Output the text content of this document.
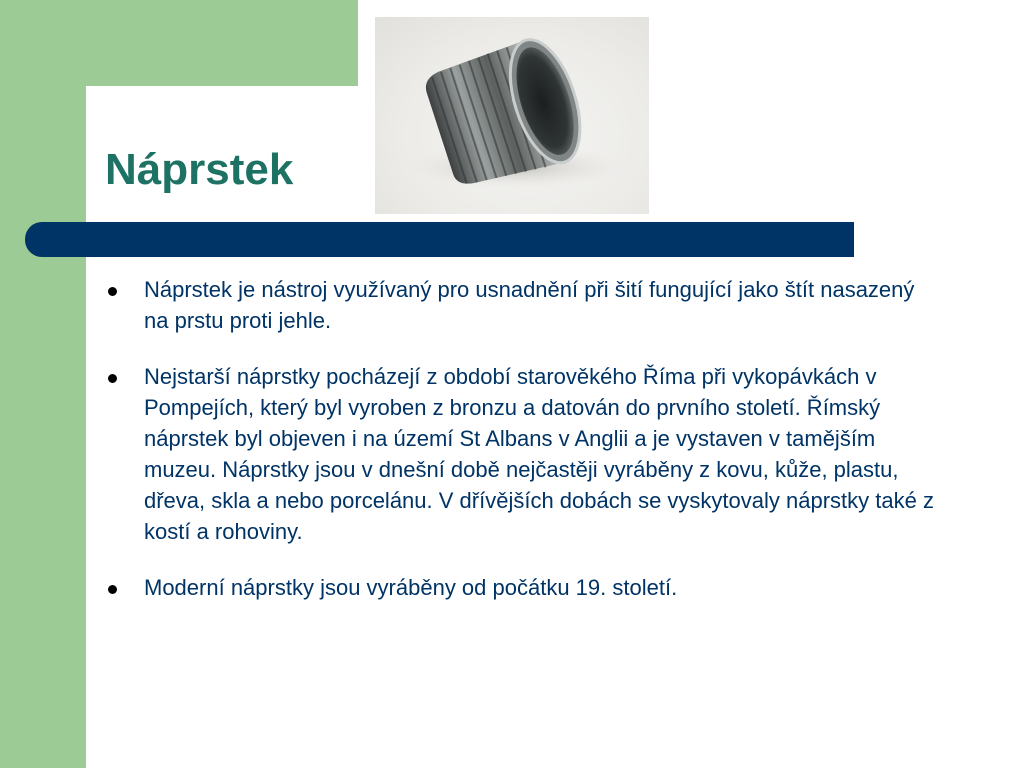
Náprstek
Náprstek je nástroj využívaný pro usnadnění při šití fungující jako štít nasazený na prstu proti jehle.
Nejstarší náprstky pocházejí z období starověkého Říma při vykopávkách v Pompejích, který byl vyroben z bronzu a datován do prvního století. Římský náprstek byl objeven i na území St Albans v Anglii a je vystaven v tamějším muzeu. Náprstky jsou v dnešní době nejčastěji vyráběny z kovu, kůže, plastu, dřeva, skla a nebo porcelánu. V dřívějších dobách se vyskytovaly náprstky také z kostí a rohoviny.
Moderní náprstky jsou vyráběny od počátku 19. století.
